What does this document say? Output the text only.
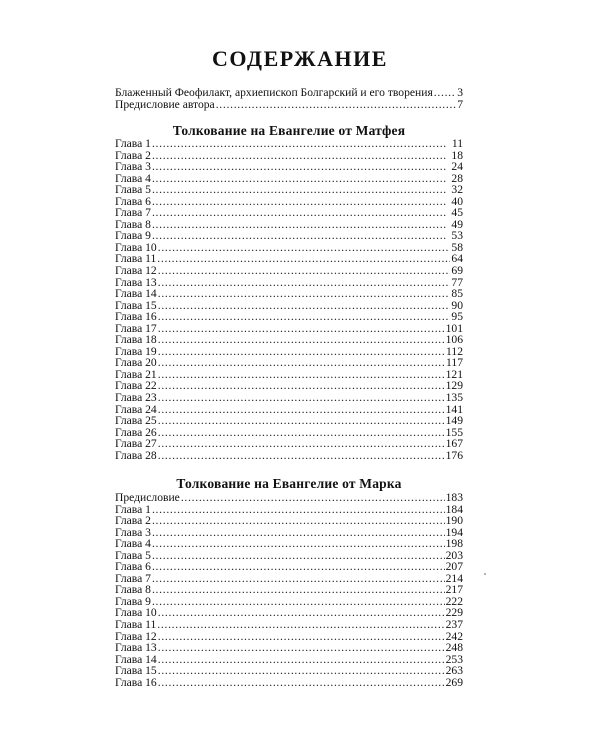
СОДЕРЖАНИЕ
Блаженный Феофилакт, архиепископ Болгарский и его творения . . . 3
Предисловие автора . . .	7
Толкование на Евангелие от Матфея
Глава 1 . . .	11
Глава 2 . . .	18
Глава 3 . . .	24
Глава 4 . . .	28
Глава 5 . . .	32
Глава 6 . . .	40
Глава 7 . . .	45
Глава 8 . . .	49
Глава 9 . . .	53
Глава 10 . . .	58
Глава 11 . . .	64
Глава 12 . . .	69
Глава 13 . . .	77
Глава 14 . . .	85
Глава 15 . . .	90
Глава 16 . . .	95
Глава 17 . . .	101
Глава 18 . . .	106
Глава 19 . . .	112
Глава 20 . . .	117
Глава 21 . . .	121
Глава 22 . . .	129
Глава 23 . . .	135
Глава 24 . . .	141
Глава 25 . . .	149
Глава 26 . . .	155
Глава 27 . . .	167
Глава 28 . . .	176
Толкование на Евангелие от Марка
Предисловие . . .	183
Глава 1 . . .	184
Глава 2 . . .	190
Глава 3 . . .	194
Глава 4 . . .	198
Глава 5 . . .	203
Глава 6 . . .	207
Глава 7 . . .	214
Глава 8 . . .	217
Глава 9 . . .	222
Глава 10 . . .	229
Глава 11 . . .	237
Глава 12 . . .	242
Глава 13 . . .	248
Глава 14 . . .	253
Глава 15 . . .	263
Глава 16 . . .	269
